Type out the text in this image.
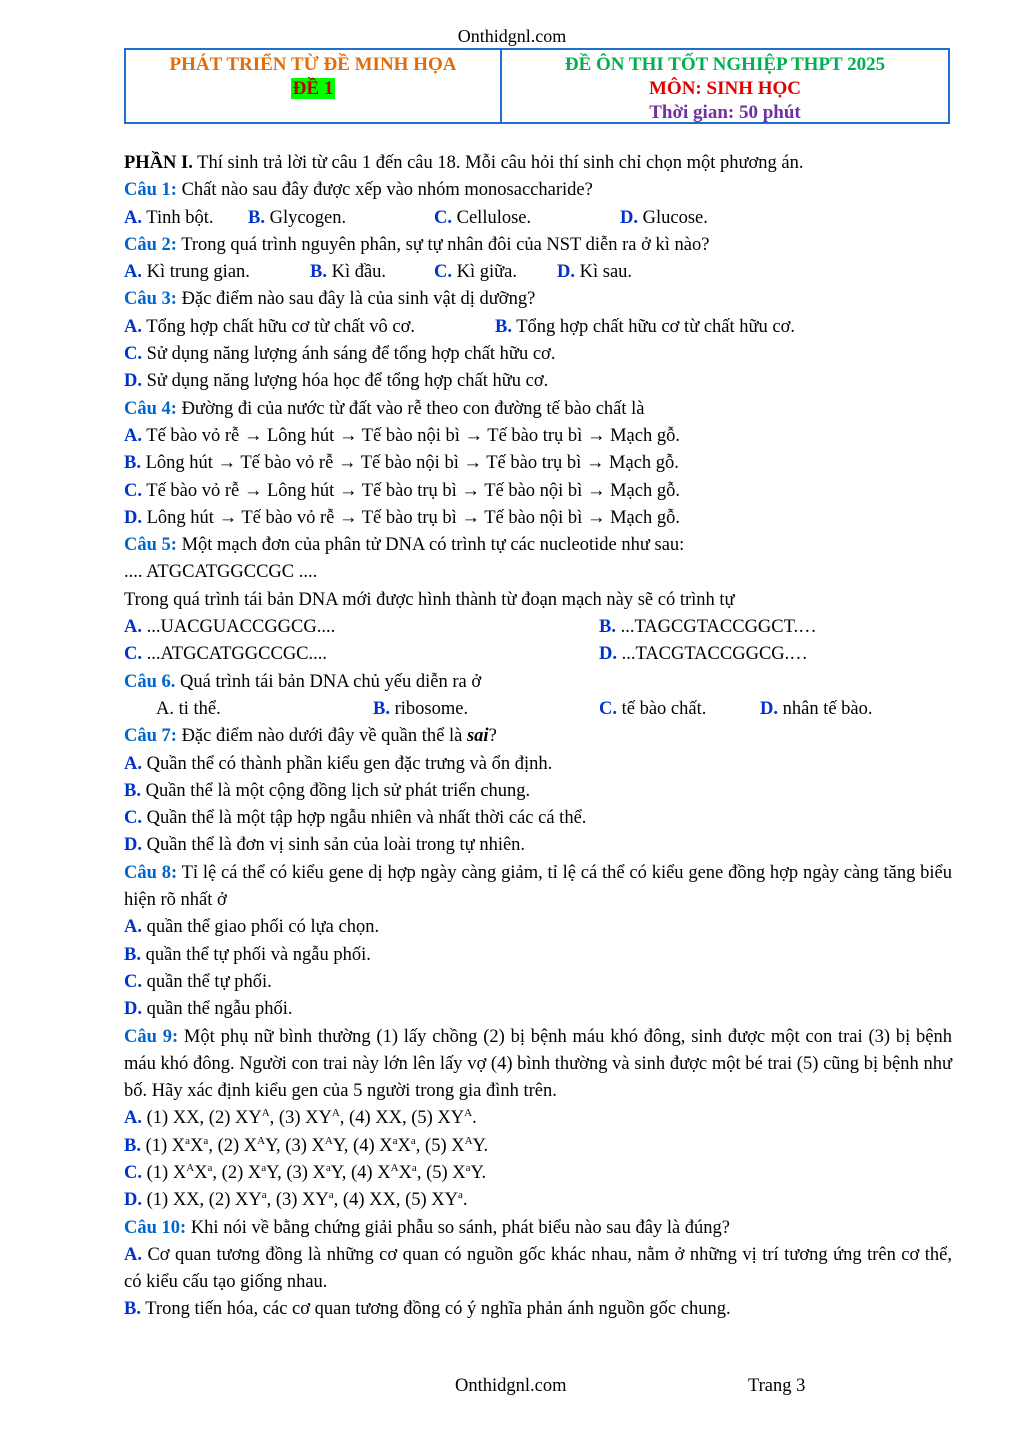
Onthidgnl.com
PHÁT TRIỂN TỪ ĐỀ MINH HỌA
ĐỀ 1
ĐỀ ÔN THI TỐT NGHIỆP THPT 2025
MÔN: SINH HỌC
Thời gian: 50 phút
PHẦN I. Thí sinh trả lời từ câu 1 đến câu 18. Mỗi câu hỏi thí sinh chỉ chọn một phương án.
Câu 1: Chất nào sau đây được xếp vào nhóm monosaccharide?
A. Tinh bột.	B. Glycogen.	C. Cellulose.	D. Glucose.
Câu 2: Trong quá trình nguyên phân, sự tự nhân đôi của NST diễn ra ở kì nào?
A. Kì trung gian.	B. Kì đầu.	C. Kì giữa.	D. Kì sau.
Câu 3: Đặc điểm nào sau đây là của sinh vật dị dưỡng?
A. Tổng hợp chất hữu cơ từ chất vô cơ.	B. Tổng hợp chất hữu cơ từ chất hữu cơ.
C. Sử dụng năng lượng ánh sáng để tổng hợp chất hữu cơ.
D. Sử dụng năng lượng hóa học để tổng hợp chất hữu cơ.
Câu 4: Đường đi của nước từ đất vào rễ theo con đường tế bào chất là
A. Tế bào vỏ rễ → Lông hút → Tế bào nội bì → Tế bào trụ bì → Mạch gỗ.
B. Lông hút → Tế bào vỏ rễ → Tế bào nội bì → Tế bào trụ bì → Mạch gỗ.
C. Tế bào vỏ rễ → Lông hút → Tế bào trụ bì → Tế bào nội bì → Mạch gỗ.
D. Lông hút → Tế bào vỏ rễ → Tế bào trụ bì → Tế bào nội bì → Mạch gỗ.
Câu 5: Một mạch đơn của phân tử DNA có trình tự các nucleotide như sau:
.... ATGCATGGCCGC ....
Trong quá trình tái bản DNA mới được hình thành từ đoạn mạch này sẽ có trình tự
A. ...UACGUACCGGCG....	B. ...TAGCGTACCGGCT.…
C. ...ATGCATGGCCGC....	D. ...TACGTACCGGCG.…
Câu 6. Quá trình tái bản DNA chủ yếu diễn ra ở
A. ti thể.	B. ribosome.	C. tế bào chất.	D. nhân tế bào.
Câu 7: Đặc điểm nào dưới đây về quần thể là sai?
A. Quần thể có thành phần kiểu gen đặc trưng và ổn định.
B. Quần thể là một cộng đồng lịch sử phát triển chung.
C. Quần thể là một tập hợp ngẫu nhiên và nhất thời các cá thể.
D. Quần thể là đơn vị sinh sản của loài trong tự nhiên.
Câu 8: Tỉ lệ cá thể có kiểu gene dị hợp ngày càng giảm, tỉ lệ cá thể có kiểu gene đồng hợp ngày càng tăng biểu hiện rõ nhất ở
A. quần thể giao phối có lựa chọn.
B. quần thể tự phối và ngẫu phối.
C. quần thể tự phối.
D. quần thể ngẫu phối.
Câu 9: Một phụ nữ bình thường (1) lấy chồng (2) bị bệnh máu khó đông, sinh được một con trai (3) bị bệnh máu khó đông. Người con trai này lớn lên lấy vợ (4) bình thường và sinh được một bé trai (5) cũng bị bệnh như bố. Hãy xác định kiểu gen của 5 người trong gia đình trên.
A. (1) XX, (2) $XY^A$, (3) $XY^A$, (4) XX, (5) $XY^A$.
B. (1) $X^aX^a$, (2) $X^AY$, (3) $X^AY$, (4) $X^aX^a$, (5) $X^AY$.
C. (1) $X^AX^a$, (2) $X^aY$, (3) $X^aY$, (4) $X^AX^a$, (5) $X^aY$.
D. (1) XX, (2) $XY^a$, (3) $XY^a$, (4) XX, (5) $XY^a$.
Câu 10: Khi nói về bằng chứng giải phẫu so sánh, phát biểu nào sau đây là đúng?
A. Cơ quan tương đồng là những cơ quan có nguồn gốc khác nhau, nằm ở những vị trí tương ứng trên cơ thể, có kiểu cấu tạo giống nhau.
B. Trong tiến hóa, các cơ quan tương đồng có ý nghĩa phản ánh nguồn gốc chung.
Onthidgnl.com	Trang 3
